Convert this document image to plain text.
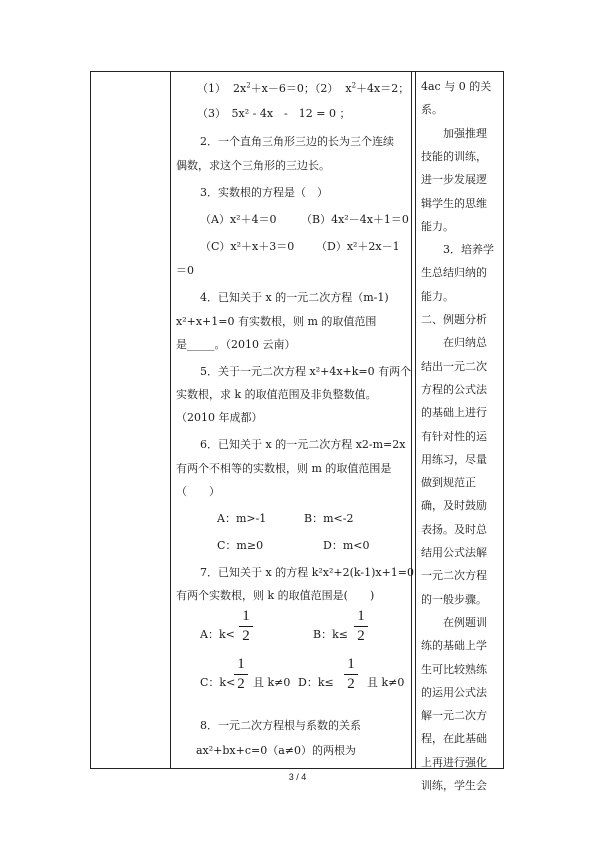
（1） $2x^2+x-6=0$；（2） $x^2+4x=2$；
（3）　5x² - 4x　-　12 = 0 ；
2．一个直角三角形三边的长为三个连续
偶数，求这个三角形的三边长。
3．实数根的方程是（　）
（A）x²＋4＝0 （B）4x²－4x＋1＝0
（C）x²＋x＋3＝0 （D）x²＋2x－1
＝0
4．已知关于 x 的一元二次方程（m-1)
x²+x+1=0 有实数根，则 m 的取值范围
是_____。（2010 云南）
5．关于一元二次方程 x²+4x+k=0 有两个
实数根，求 k 的取值范围及非负整数值。
（2010 年成都）
6．已知关于 x 的一元二次方程 x2-m=2x
有两个不相等的实数根，则 m 的取值范围是
（　　）
A：m>-1	B：m<-2
C：m≥0	D：m<0
7．已知关于 x 的方程 k²x²+2(k-1)x+1=0
有两个实数根，则 k 的取值范围是(　　)
A：k<
1
2	B：k≤
1
2
C：k<
1
2 且 k≠0 D：k≤
1
2 且 k≠0
8．一元二次方程根与系数的关系
ax²+bx+c=0（a≠0）的两根为
4ac 与 0 的关
系。
　　加强推理
技能的训练，
进一步发展逻
辑学生的思维
能力。
　　3．培养学
生总结归纳的
能力。
二、例题分析
　　在归纳总
结出一元二次
方程的公式法
的基础上进行
有针对性的运
用练习，尽量
做到规范正
确，及时鼓励
表扬。及时总
结用公式法解
一元二次方程
的一般步骤。
　　在例题训
练的基础上学
生可比较熟练
的运用公式法
解一元二次方
程，在此基础
上再进行强化
训练，学生会
3 / 4
